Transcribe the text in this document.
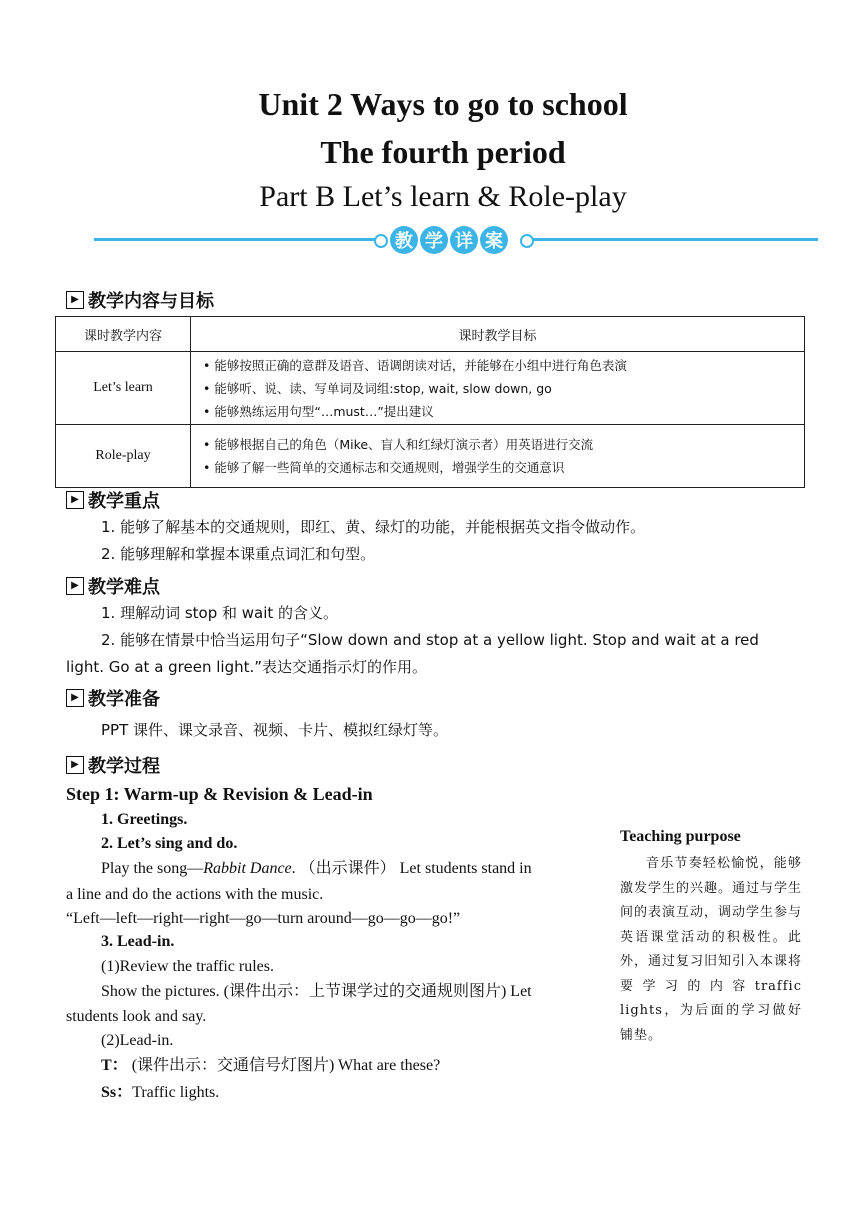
Unit 2 Ways to go to school
The fourth period
Part B Let’s learn & Role-play
教 学 详 案
▶ 教学内容与目标
课时教学内容	课时教学目标
Let’s learn	• 能够按照正确的意群及语音、语调朗读对话，并能够在小组中进行角色表演
• 能够听、说、读、写单词及词组:stop, wait, slow down, go
• 能够熟练运用句型“…must…”提出建议

Role-play	• 能够根据自己的角色（Mike、盲人和红绿灯演示者）用英语进行交流
• 能够了解一些简单的交通标志和交通规则，增强学生的交通意识
▶ 教学重点
1. 能够了解基本的交通规则，即红、黄、绿灯的功能，并能根据英文指令做动作。
2. 能够理解和掌握本课重点词汇和句型。
▶ 教学难点
1. 理解动词 stop 和 wait 的含义。
2. 能够在情景中恰当运用句子“Slow down and stop at a yellow light. Stop and wait at a red
light. Go at a green light.”表达交通指示灯的作用。
▶ 教学准备
PPT 课件、课文录音、视频、卡片、模拟红绿灯等。
▶ 教学过程
Step 1: Warm-up & Revision & Lead-in
1. Greetings.
2. Let’s sing and do.
Play the song—Rabbit Dance. （出示课件） Let students stand in
a line and do the actions with the music.
“Left—left—right—right—go—turn around—go—go—go!”
3. Lead-in.
(1)Review the traffic rules.
Show the pictures. (课件出示：上节课学过的交通规则图片) Let
students look and say.
(2)Lead-in.
T： (课件出示：交通信号灯图片) What are these?
Ss：Traffic lights.
Teaching purpose
音乐节奏轻松愉悦，能够激发学生的兴趣。通过与学生间的表演互动，调动学生参与英语课堂活动的积极性。此外，通过复习旧知引入本课将要学习的内容traffic lights，为后面的学习做好铺垫。
